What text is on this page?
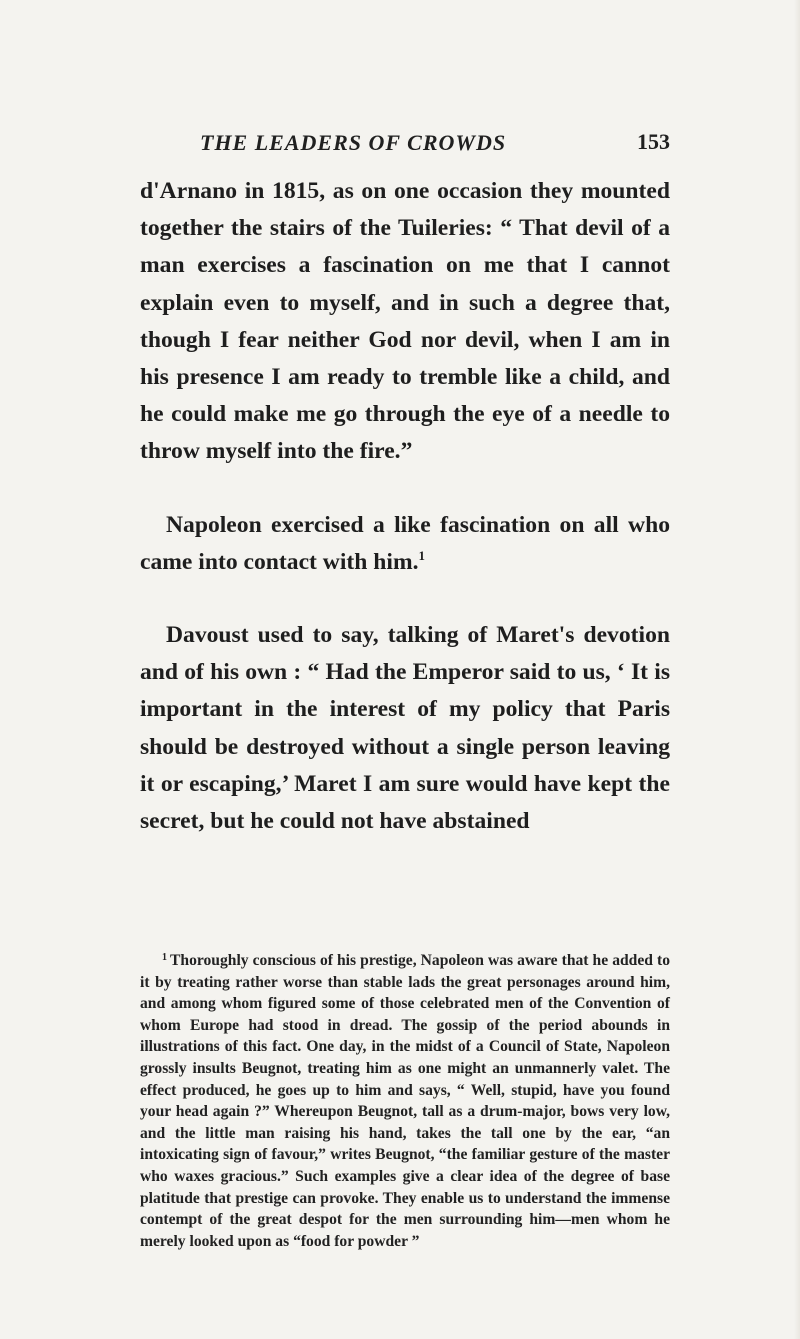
THE LEADERS OF CROWDS	153

d'Arnano in 1815, as on one occasion they mounted together the stairs of the Tuileries: “ That devil of a man exercises a fascination on me that I cannot explain even to myself, and in such a degree that, though I fear neither God nor devil, when I am in his presence I am ready to tremble like a child, and he could make me go through the eye of a needle to throw myself into the fire.”

Napoleon exercised a like fascination on all who came into contact with him.$^1$

Davoust used to say, talking of Maret's devotion and of his own : “ Had the Emperor said to us, ‘ It is important in the interest of my policy that Paris should be destroyed without a single person leaving it or escaping,’ Maret I am sure would have kept the secret, but he could not have abstained

$^1$ Thoroughly conscious of his prestige, Napoleon was aware that he added to it by treating rather worse than stable lads the great personages around him, and among whom figured some of those celebrated men of the Convention of whom Europe had stood in dread. The gossip of the period abounds in illustrations of this fact. One day, in the midst of a Council of State, Napoleon grossly insults Beugnot, treating him as one might an unmannerly valet. The effect produced, he goes up to him and says, “ Well, stupid, have you found your head again ?” Whereupon Beugnot, tall as a drum-major, bows very low, and the little man raising his hand, takes the tall one by the ear, “an intoxicating sign of favour,” writes Beugnot, “the familiar gesture of the master who waxes gracious.” Such examples give a clear idea of the degree of base platitude that prestige can provoke. They enable us to understand the immense contempt of the great despot for the men surrounding him—men whom he merely looked upon as “food for powder ”
